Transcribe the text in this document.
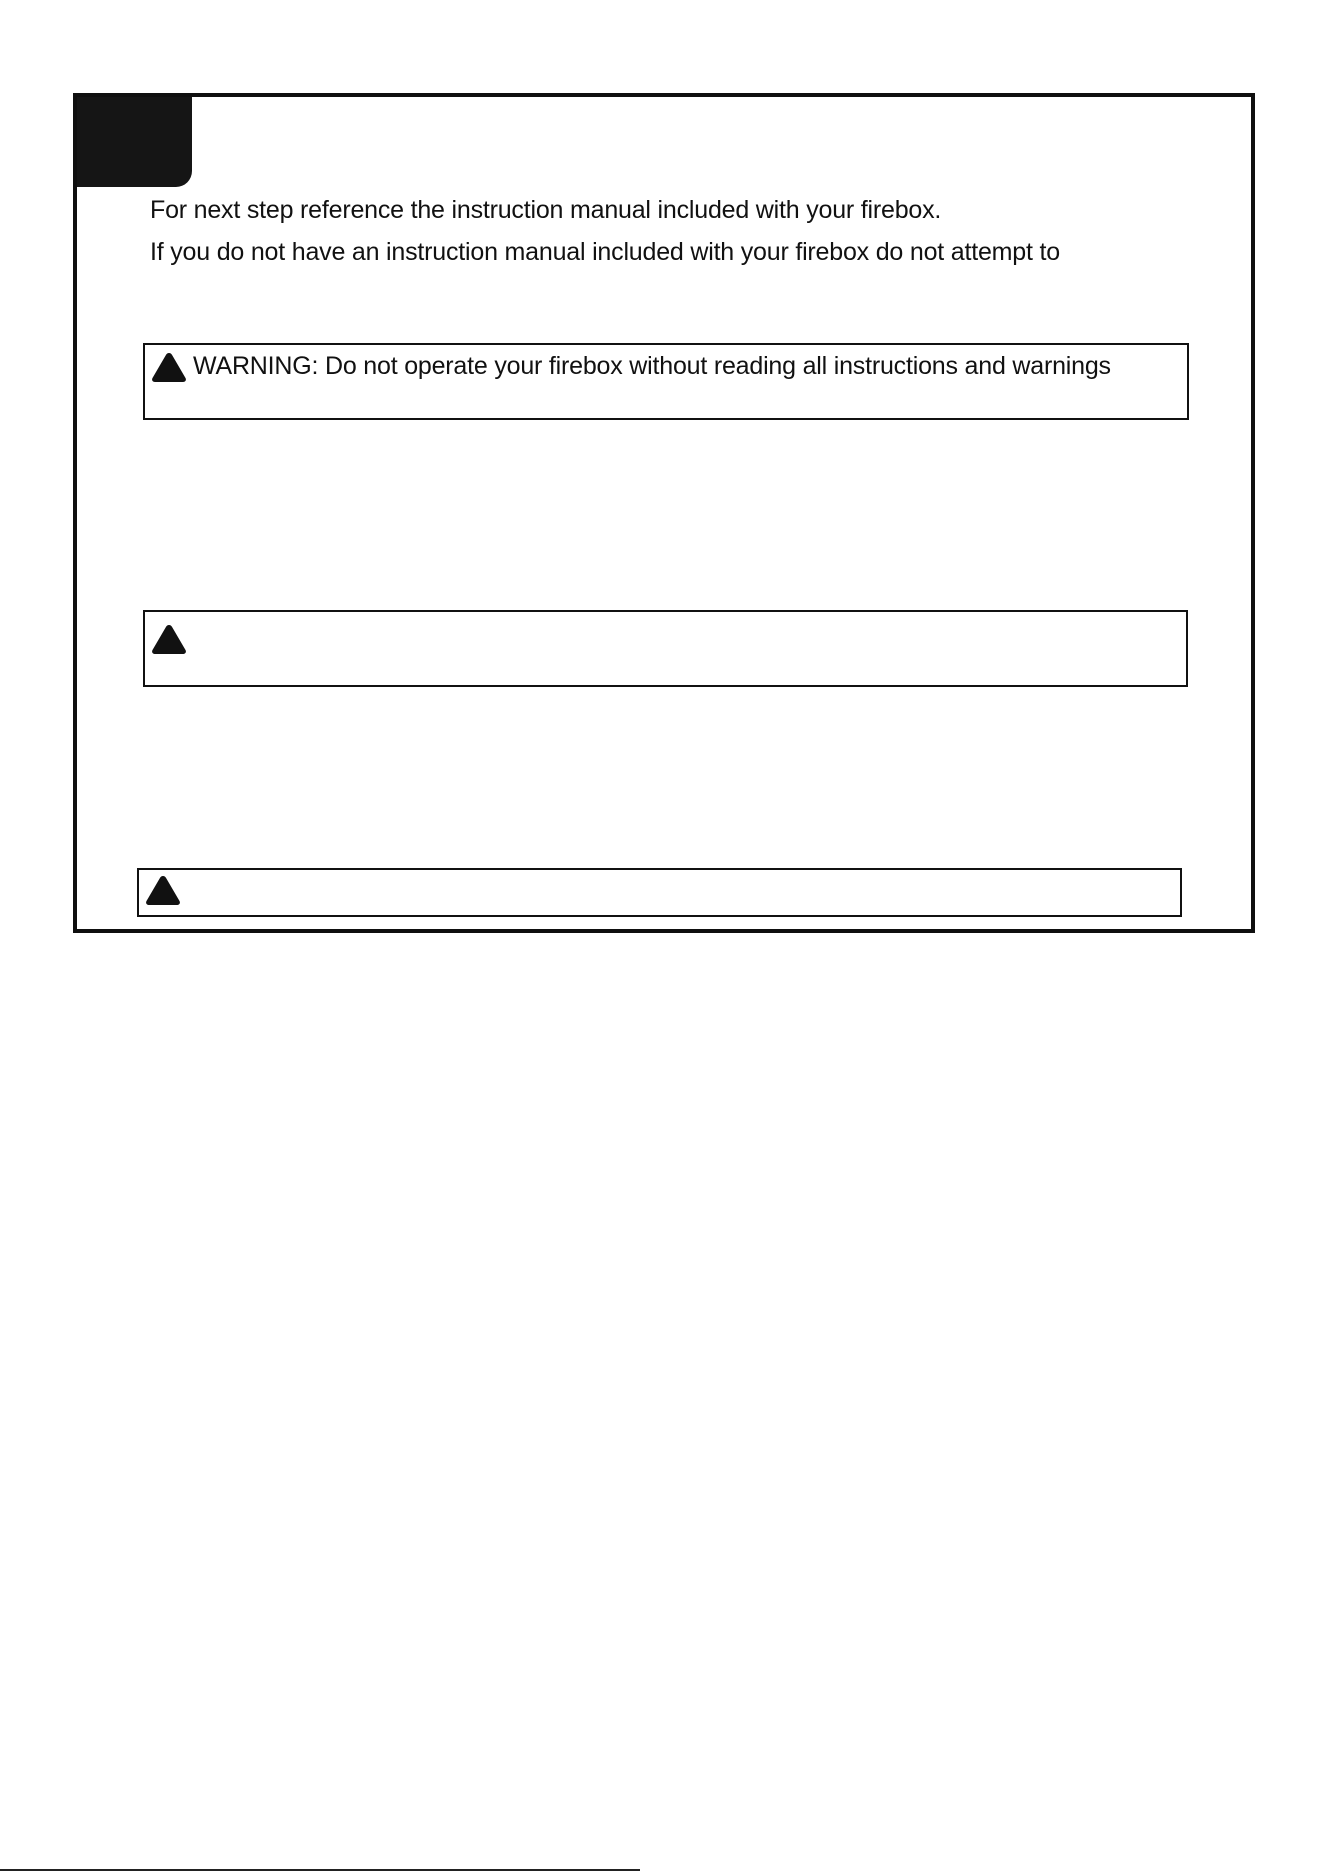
For next step reference the instruction manual included with your firebox.
If you do not have an instruction manual included with your firebox do not attempt to
WARNING: Do not operate your firebox without reading all instructions and warnings
